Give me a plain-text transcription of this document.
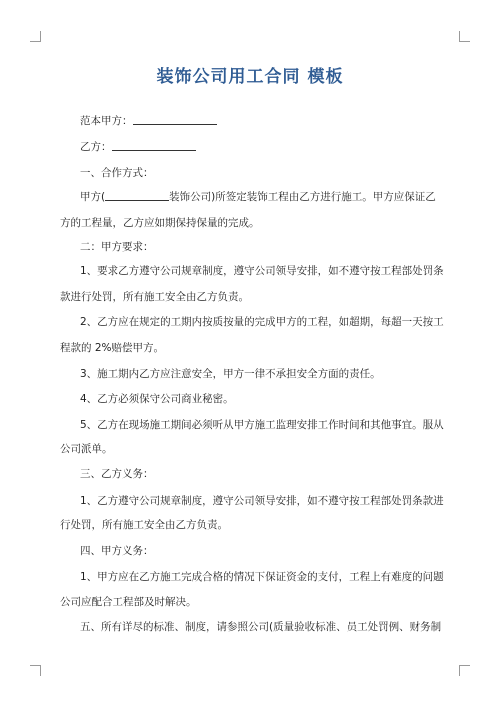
装饰公司用工合同 模板
范本甲方：
乙方：
一、合作方式：
甲方(	装饰公司)所签定装饰工程由乙方进行施工。甲方应保证乙
方的工程量，乙方应如期保持保量的完成。
二：甲方要求：
1、要求乙方遵守公司规章制度，遵守公司领导安排，如不遵守按工程部处罚条
款进行处罚，所有施工安全由乙方负责。
2、乙方应在规定的工期内按质按量的完成甲方的工程，如超期，每超一天按工
程款的 2%赔偿甲方。
3、施工期内乙方应注意安全，甲方一律不承担安全方面的责任。
4、乙方必须保守公司商业秘密。
5、乙方在现场施工期间必须听从甲方施工监理安排工作时间和其他事宜。服从
公司派单。
三、乙方义务：
1、乙方遵守公司规章制度，遵守公司领导安排，如不遵守按工程部处罚条款进
行处罚，所有施工安全由乙方负责。
四、甲方义务：
1、甲方应在乙方施工完成合格的情况下保证资金的支付，工程上有难度的问题
公司应配合工程部及时解决。
五、所有详尽的标准、制度，请参照公司(质量验收标准、员工处罚例、财务制
